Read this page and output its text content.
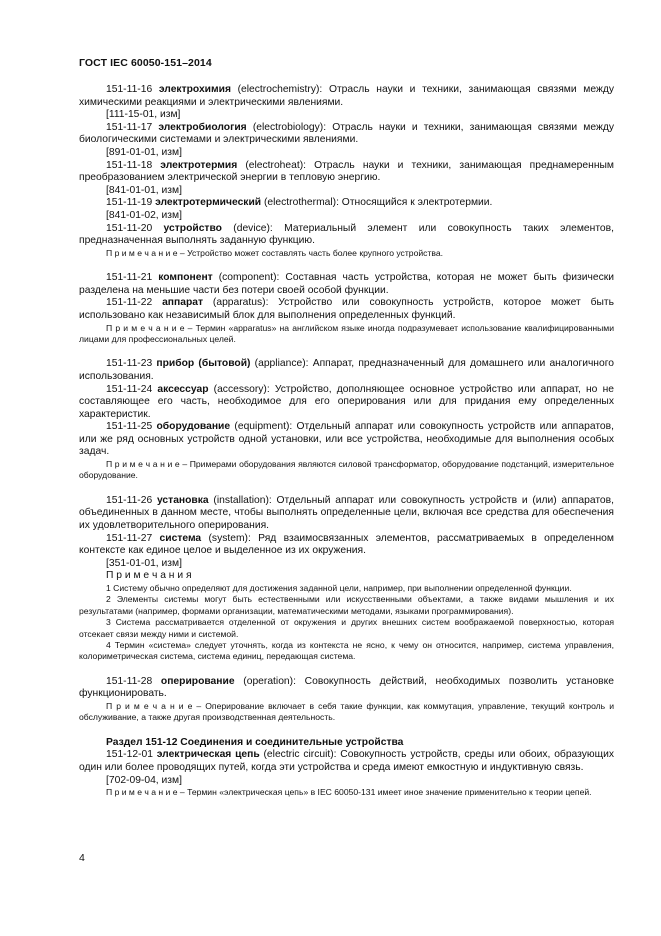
ГОСТ IEC 60050-151–2014

151-11-16 электрохимия (electrochemistry): Отрасль науки и техники, занимающая связями между химическими реакциями и электрическими явлениями.

[111-15-01, изм]

151-11-17 электробиология (electrobiology): Отрасль науки и техники, занимающая связями между биологическими системами и электрическими явлениями.

[891-01-01, изм]

151-11-18 электротермия (electroheat): Отрасль науки и техники, занимающая преднамеренным преобразованием электрической энергии в тепловую энергию.

[841-01-01, изм]

151-11-19 электротермический (electrothermal): Относящийся к электротермии.

[841-01-02, изм]

151-11-20 устройство (device): Материальный элемент или совокупность таких элементов, предназначенная выполнять заданную функцию.

П р и м е ч а н и е – Устройство может составлять часть более крупного устройства.

151-11-21 компонент (component): Составная часть устройства, которая не может быть физически разделена на меньшие части без потери своей особой функции.

151-11-22 аппарат (apparatus): Устройство или совокупность устройств, которое может быть использовано как независимый блок для выполнения определенных функций.

П р и м е ч а н и е – Термин «apparatus» на английском языке иногда подразумевает использование квалифицированными лицами для профессиональных целей.

151-11-23 прибор (бытовой) (appliance): Аппарат, предназначенный для домашнего или аналогичного использования.

151-11-24 аксессуар (accessory): Устройство, дополняющее основное устройство или аппарат, но не составляющее его часть, необходимое для его оперирования или для придания ему определенных характеристик.

151-11-25 оборудование (equipment): Отдельный аппарат или совокупность устройств или аппаратов, или же ряд основных устройств одной установки, или все устройства, необходимые для выполнения особых задач.

П р и м е ч а н и е – Примерами оборудования являются силовой трансформатор, оборудование подстанций, измерительное оборудование.

151-11-26 установка (installation): Отдельный аппарат или совокупность устройств и (или) аппаратов, объединенных в данном месте, чтобы выполнять определенные цели, включая все средства для обеспечения их удовлетворительного оперирования.

151-11-27 система (system): Ряд взаимосвязанных элементов, рассматриваемых в определенном контексте как единое целое и выделенное из их окружения.

[351-01-01, изм]

П р и м е ч а н и я

1 Систему обычно определяют для достижения заданной цели, например, при выполнении определенной функции.

2 Элементы системы могут быть естественными или искусственными объектами, а также видами мышления и их результатами (например, формами организации, математическими методами, языками программирования).

3 Система рассматривается отделенной от окружения и других внешних систем воображаемой поверхностью, которая отсекает связи между ними и системой.

4 Термин «система» следует уточнять, когда из контекста не ясно, к чему он относится, например, система управления, колориметрическая система, система единиц, передающая система.

151-11-28 оперирование (operation): Совокупность действий, необходимых позволить установке функционировать.

П р и м е ч а н и е – Оперирование включает в себя такие функции, как коммутация, управление, текущий контроль и обслуживание, а также другая производственная деятельность.

Раздел 151-12 Соединения и соединительные устройства

151-12-01 электрическая цепь (electric circuit): Совокупность устройств, среды или обоих, образующих один или более проводящих путей, когда эти устройства и среда имеют емкостную и индуктивную связь.

[702-09-04, изм]

П р и м е ч а н и е – Термин «электрическая цепь» в IEC 60050-131 имеет иное значение применительно к теории цепей.

4
